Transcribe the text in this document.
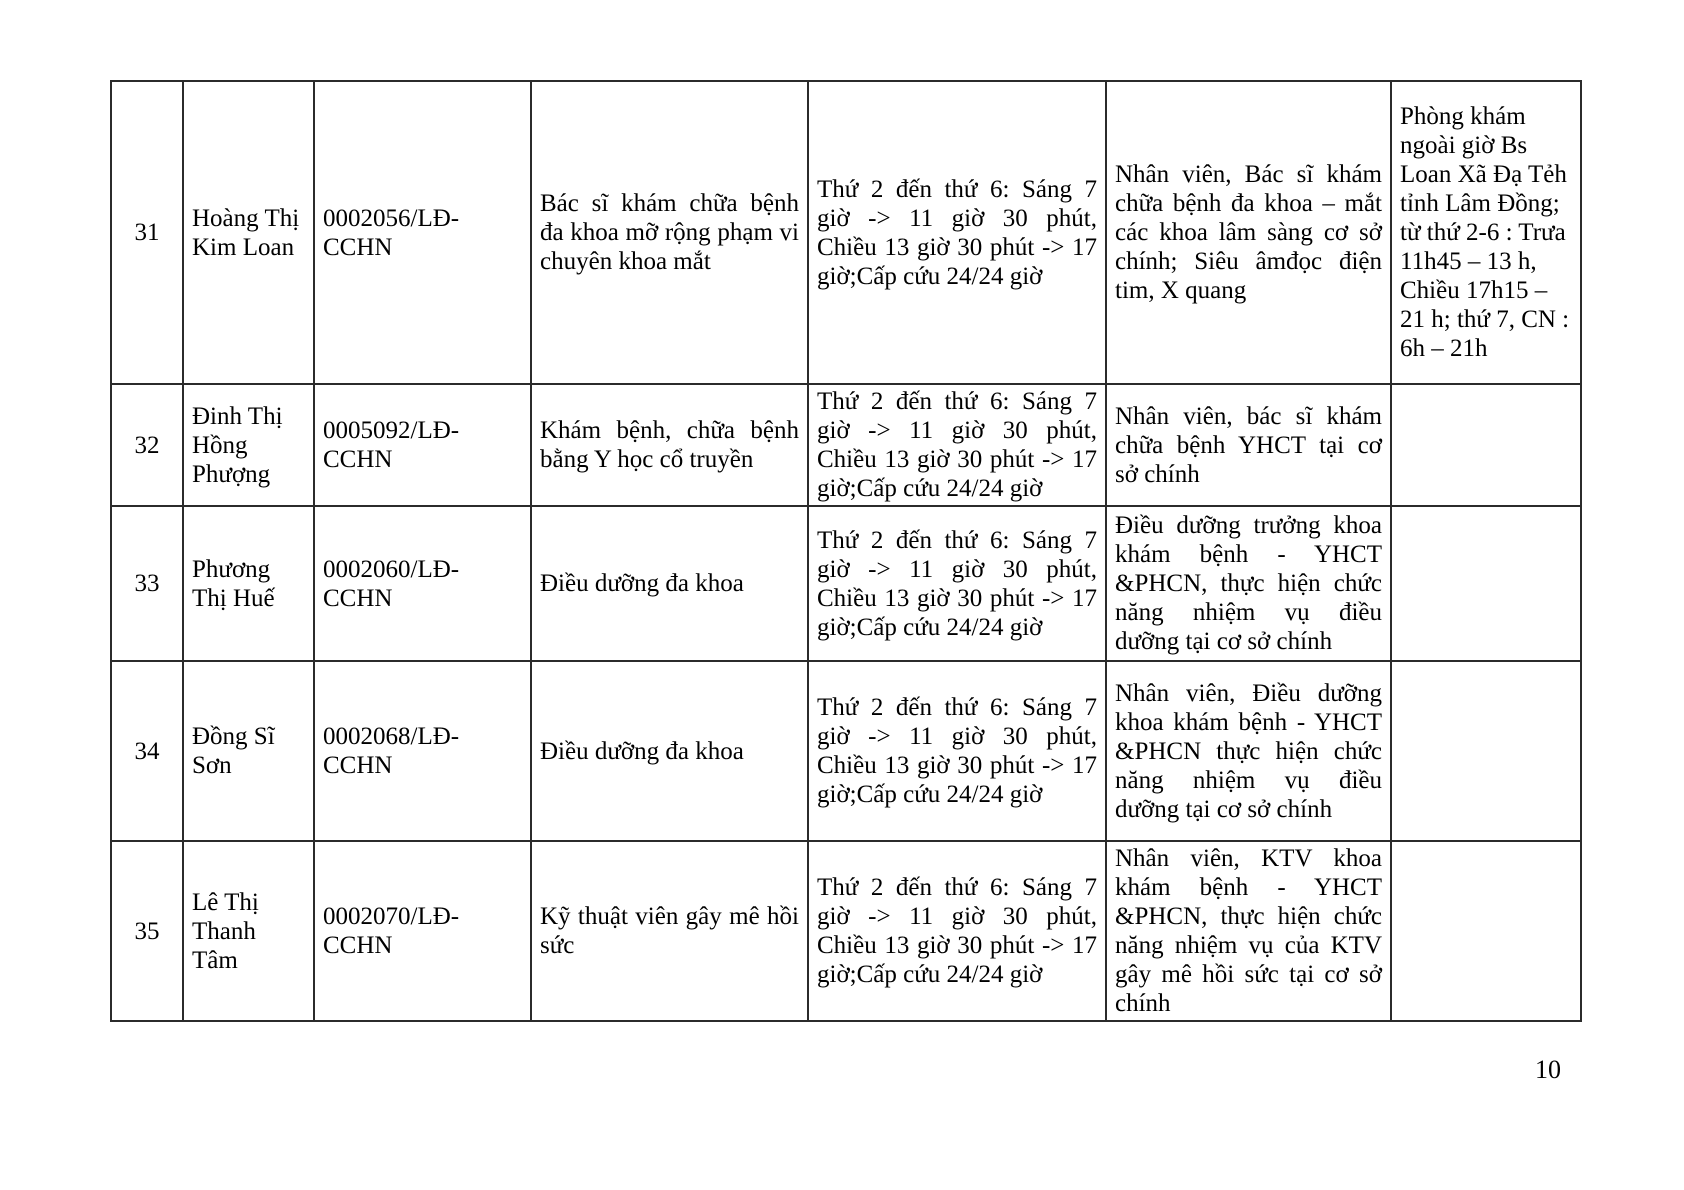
31	Hoàng Thị Kim Loan	0002056/LĐ-CCHN	Bác sĩ khám chữa bệnh đa khoa mỡ rộng phạm vi chuyên khoa mắt	Thứ 2 đến thứ 6: Sáng 7 giờ -> 11 giờ 30 phút, Chiều 13 giờ 30 phút -> 17 giờ;Cấp cứu 24/24 giờ	Nhân viên, Bác sĩ khám chữa bệnh đa khoa – mắt các khoa lâm sàng cơ sở chính; Siêu âmđọc điện tim, X quang	Phòng khám ngoài giờ Bs Loan Xã Đạ Tẻh tỉnh Lâm Đồng; từ thứ 2-6 : Trưa 11h45 – 13 h, Chiều 17h15 – 21 h; thứ 7, CN : 6h – 21h
32	Đinh Thị Hồng Phượng	0005092/LĐ-CCHN	Khám bệnh, chữa bệnh bằng Y học cổ truyền	Thứ 2 đến thứ 6: Sáng 7 giờ -> 11 giờ 30 phút, Chiều 13 giờ 30 phút -> 17 giờ;Cấp cứu 24/24 giờ	Nhân viên, bác sĩ khám chữa bệnh YHCT tại cơ sở chính	
33	Phương Thị Huế	0002060/LĐ-CCHN	Điều dưỡng đa khoa	Thứ 2 đến thứ 6: Sáng 7 giờ -> 11 giờ 30 phút, Chiều 13 giờ 30 phút -> 17 giờ;Cấp cứu 24/24 giờ	Điều dưỡng trưởng khoa khám bệnh - YHCT &PHCN, thực hiện chức năng nhiệm vụ điều dưỡng tại cơ sở chính	
34	Đồng Sĩ Sơn	0002068/LĐ-CCHN	Điều dưỡng đa khoa	Thứ 2 đến thứ 6: Sáng 7 giờ -> 11 giờ 30 phút, Chiều 13 giờ 30 phút -> 17 giờ;Cấp cứu 24/24 giờ	Nhân viên, Điều dưỡng khoa khám bệnh - YHCT &PHCN thực hiện chức năng nhiệm vụ điều dưỡng tại cơ sở chính	
35	Lê Thị Thanh Tâm	0002070/LĐ-CCHN	Kỹ thuật viên gây mê hồi sức	Thứ 2 đến thứ 6: Sáng 7 giờ -> 11 giờ 30 phút, Chiều 13 giờ 30 phút -> 17 giờ;Cấp cứu 24/24 giờ	Nhân viên, KTV khoa khám bệnh - YHCT &PHCN, thực hiện chức năng nhiệm vụ của KTV gây mê hồi sức tại cơ sở chính	
10
